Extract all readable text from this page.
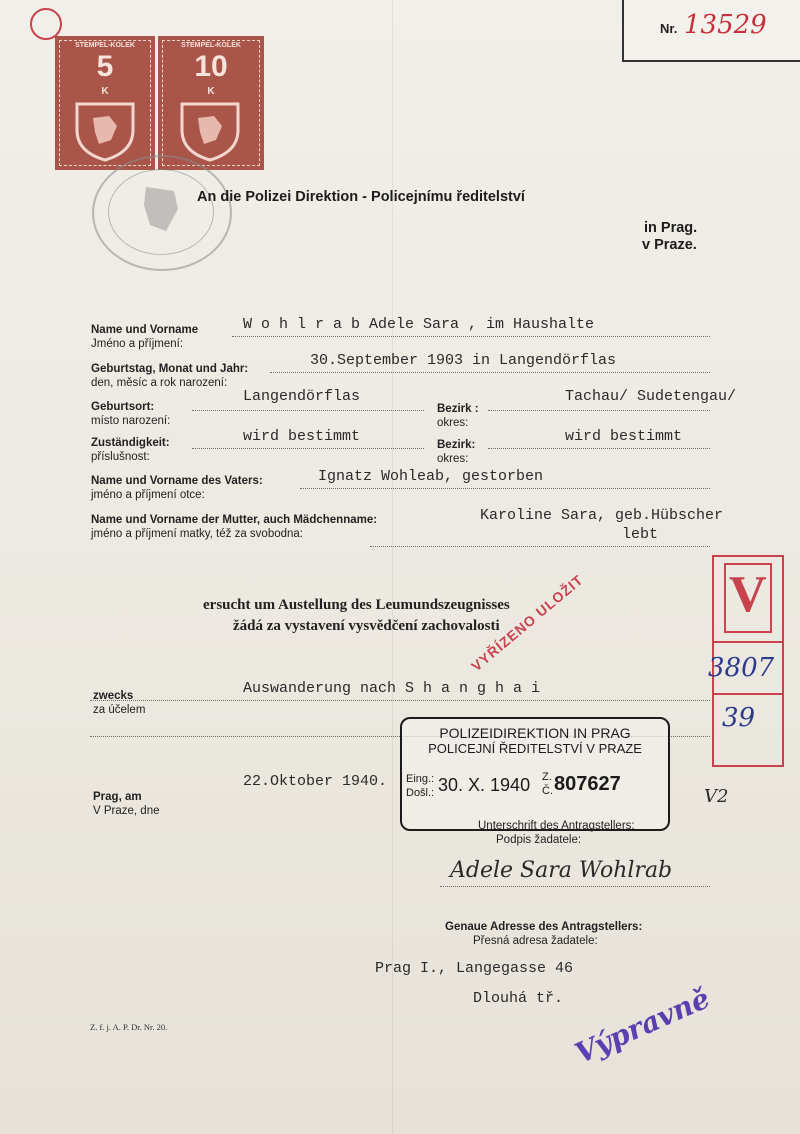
Nr. 13529
STEMPEL-KOLEK
5
K
STEMPEL-KOLEK
10
K
An die Polizei Direktion - Policejnímu ředitelství
in Prag.
v Praze.
Name und Vorname
Jméno a příjmení:
W o h l r a b Adele Sara , im Haushalte
Geburtstag, Monat und Jahr:
den, měsíc a rok narození:
30.September 1903 in Langendörflas
Geburtsort:
místo narození:
Langendörflas
Bezirk :
okres:
Tachau/ Sudetengau/
Zuständigkeit:
příslušnost:
wird bestimmt	Bezirk:
okres:
wird bestimmt
Name und Vorname des Vaters:
jméno a příjmení otce:
Ignatz Wohleab, gestorben
Name und Vorname der Mutter, auch Mädchenname:
jméno a příjmení matky, též za svobodna:
Karoline Sara, geb.Hübscher
lebt
ersucht um Austellung des Leumundszeugnisses
žádá za vystavení vysvědčení zachovalosti
zwecks
za účelem
Auswanderung nach S h a n g h a i
VYŘÍZENO ULOŽIT
POLIZEIDIREKTION IN PRAG
POLICEJNÍ ŘEDITELSTVÍ V PRAZE
Eing.:
Došl.: 30. X. 1940 Z.
Č. 807627
Prag, am
V Praze, dne
22.Oktober 1940.
Unterschrift des Antragstellers:
Podpis žadatele:
Adele Sara Wohlrab
Genaue Adresse des Antragstellers:
Přesná adresa žadatele:
Prag I., Langegasse 46
Dlouhá tř.
V
3807
39
V2
Výpravně
Z. f. j. A. P. Dr. Nr. 20.
